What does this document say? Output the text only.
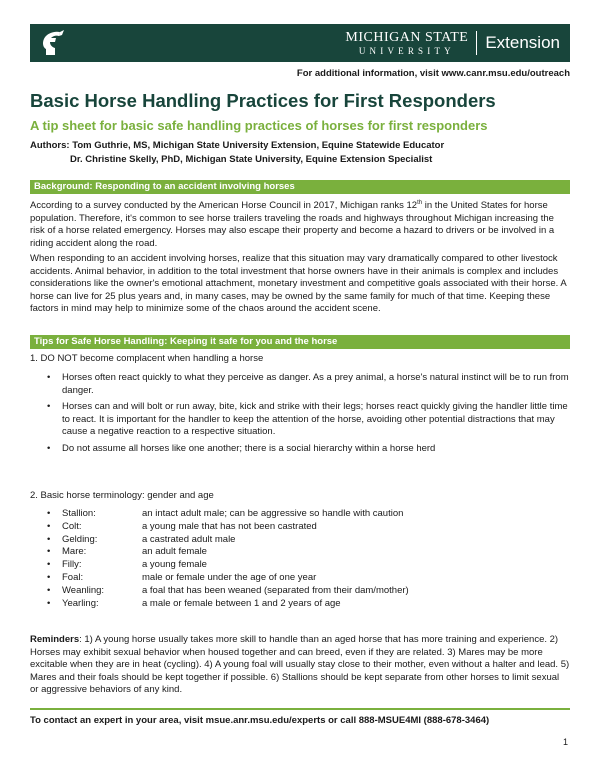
MICHIGAN STATE
UNIVERSITY Extension
For additional information, visit www.canr.msu.edu/outreach
Basic Horse Handling Practices for First Responders
A tip sheet for basic safe handling practices of horses for first responders
Authors: Tom Guthrie, MS, Michigan State University Extension, Equine Statewide Educator
Dr. Christine Skelly, PhD, Michigan State University, Equine Extension Specialist
Background: Responding to an accident involving horses

According to a survey conducted by the American Horse Council in 2017, Michigan ranks 12th in the United States for horse population. Therefore, it's common to see horse trailers traveling the roads and highways throughout Michigan increasing the risk of a horse related emergency. Horses may also escape their property and become a hazard to drivers or be involved in a riding accident along the road.

When responding to an accident involving horses, realize that this situation may vary dramatically compared to other livestock accidents. Animal behavior, in addition to the total investment that horse owners have in their animals is complex and includes considerations like the owner's emotional attachment, monetary investment and competitive goals associated with their horse. A horse can live for 25 plus years and, in many cases, may be owned by the same family for much of that time. Keeping these factors in mind may help to minimize some of the chaos around the accident scene.

Tips for Safe Horse Handling: Keeping it safe for you and the horse
1. DO NOT become complacent when handling a horse
• Horses often react quickly to what they perceive as danger. As a prey animal, a horse's natural instinct will be to run from danger.
• Horses can and will bolt or run away, bite, kick and strike with their legs; horses react quickly giving the handler little time to react. It is important for the handler to keep the attention of the horse, avoiding other potential distractions that may cause a negative reaction to a respective situation.
• Do not assume all horses like one another; there is a social hierarchy within a horse herd
2. Basic horse terminology: gender and age
• Stallion:	an intact adult male; can be aggressive so handle with caution
• Colt:	a young male that has not been castrated
• Gelding:	a castrated adult male
• Mare:	an adult female
• Filly:	a young female
• Foal:	male or female under the age of one year
• Weanling:	a foal that has been weaned (separated from their dam/mother)
• Yearling:	a male or female between 1 and 2 years of age

Reminders: 1) A young horse usually takes more skill to handle than an aged horse that has more training and experience. 2) Horses may exhibit sexual behavior when housed together and can breed, even if they are related. 3) Mares may be more excitable when they are in heat (cycling). 4) A young foal will usually stay close to their mother, even without a halter and lead. 5) Mares and their foals should be kept together if possible. 6) Stallions should be kept separate from other horses to limit sexual or aggressive behaviors of any kind.

To contact an expert in your area, visit msue.anr.msu.edu/experts or call 888-MSUE4MI (888-678-3464)
1
